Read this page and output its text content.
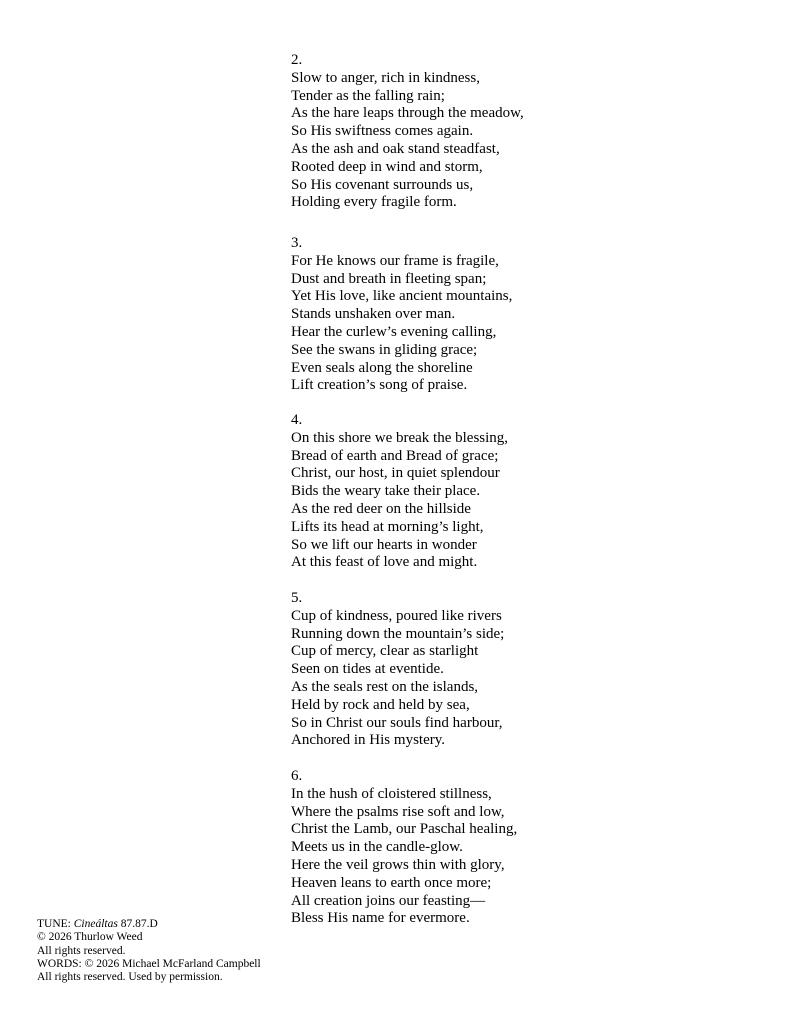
2.
Slow to anger, rich in kindness,
Tender as the falling rain;
As the hare leaps through the meadow,
So His swiftness comes again.
As the ash and oak stand steadfast,
Rooted deep in wind and storm,
So His covenant surrounds us,
Holding every fragile form.
3.
For He knows our frame is fragile,
Dust and breath in fleeting span;
Yet His love, like ancient mountains,
Stands unshaken over man.
Hear the curlew’s evening calling,
See the swans in gliding grace;
Even seals along the shoreline
Lift creation’s song of praise.
4.
On this shore we break the blessing,
Bread of earth and Bread of grace;
Christ, our host, in quiet splendour
Bids the weary take their place.
As the red deer on the hillside
Lifts its head at morning’s light,
So we lift our hearts in wonder
At this feast of love and might.
5.
Cup of kindness, poured like rivers
Running down the mountain’s side;
Cup of mercy, clear as starlight
Seen on tides at eventide.
As the seals rest on the islands,
Held by rock and held by sea,
So in Christ our souls find harbour,
Anchored in His mystery.
6.
In the hush of cloistered stillness,
Where the psalms rise soft and low,
Christ the Lamb, our Paschal healing,
Meets us in the candle-glow.
Here the veil grows thin with glory,
Heaven leans to earth once more;
All creation joins our feasting—
Bless His name for evermore.
TUNE: Cineáltas 87.87.D
© 2026 Thurlow Weed
All rights reserved.
WORDS: © 2026 Michael McFarland Campbell
All rights reserved. Used by permission.
